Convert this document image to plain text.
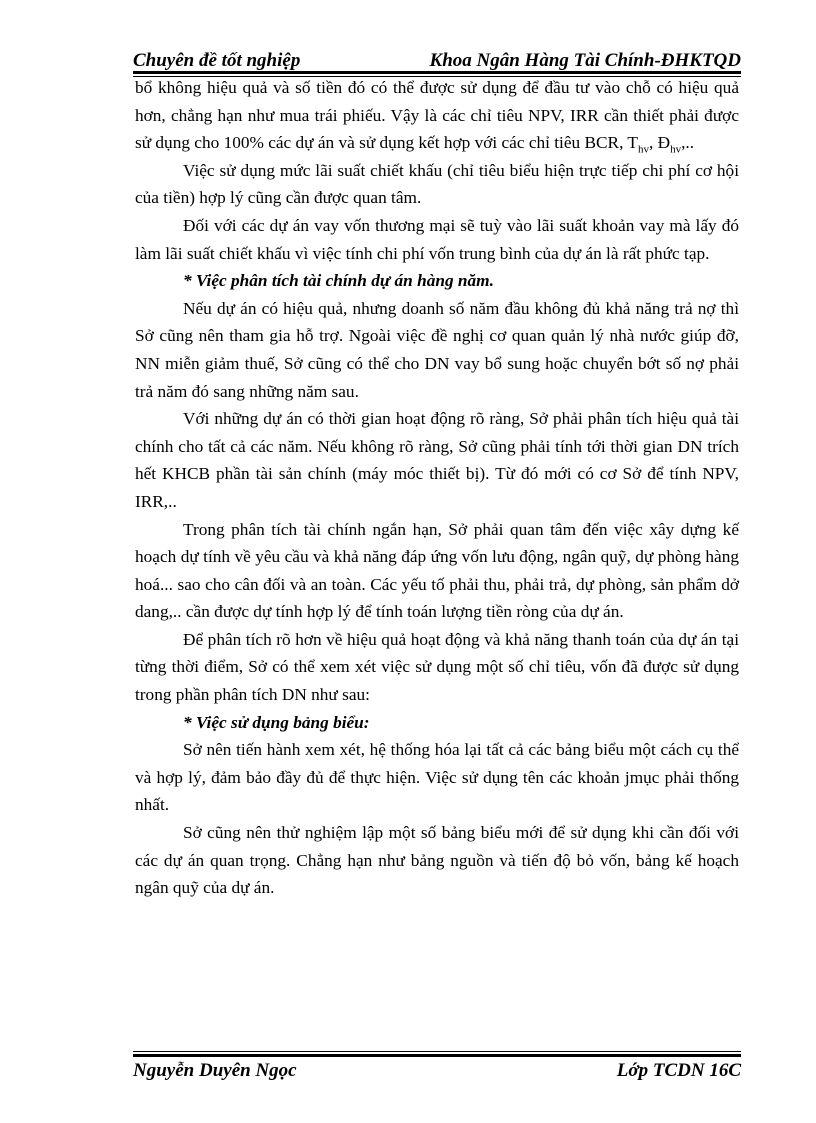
Chuyên đề tốt nghiệp	Khoa Ngân Hàng Tài Chính-ĐHKTQD

bổ không hiệu quả và số tiền đó có thể được sử dụng để đầu tư vào chỗ có hiệu quả hơn, chẳng hạn như mua trái phiếu. Vậy là các chỉ tiêu NPV, IRR cần thiết phải được sử dụng cho 100% các dự án và sử dụng kết hợp với các chỉ tiêu BCR, $T_{hv}$, $Đ_{hv}$,..

Việc sử dụng mức lãi suất chiết khấu (chỉ tiêu biểu hiện trực tiếp chi phí cơ hội của tiền) hợp lý cũng cần được quan tâm.

Đối với các dự án vay vốn thương mại sẽ tuỳ vào lãi suất khoản vay mà lấy đó làm lãi suất chiết khấu vì việc tính chi phí vốn trung bình của dự án là rất phức tạp.

* Việc phân tích tài chính dự án hàng năm.

Nếu dự án có hiệu quả, nhưng doanh số năm đầu không đủ khả năng trả nợ thì Sở cũng nên tham gia hỗ trợ. Ngoài việc đề nghị cơ quan quản lý nhà nước giúp đỡ, NN miễn giảm thuế, Sở cũng có thể cho DN vay bổ sung hoặc chuyển bớt số nợ phải trả năm đó sang những năm sau.

Với những dự án có thời gian hoạt động rõ ràng, Sở phải phân tích hiệu quả tài chính cho tất cả các năm. Nếu không rõ ràng, Sở cũng phải tính tới thời gian DN trích hết KHCB phần tài sản chính (máy móc thiết bị). Từ đó mới có cơ Sở để tính NPV, IRR,..

Trong phân tích tài chính ngắn hạn, Sở phải quan tâm đến việc xây dựng kế hoạch dự tính về yêu cầu và khả năng đáp ứng vốn lưu động, ngân quỹ, dự phòng hàng hoá... sao cho cân đối và an toàn. Các yếu tố phải thu, phải trả, dự phòng, sản phẩm dở dang,.. cần được dự tính hợp lý để tính toán lượng tiền ròng của dự án.

Để phân tích rõ hơn về hiệu quả hoạt động và khả năng thanh toán của dự án tại từng thời điểm, Sở có thể xem xét việc sử dụng một số chỉ tiêu, vốn đã được sử dụng trong phần phân tích DN như sau:

* Việc sử dụng bảng biểu:

Sở nên tiến hành xem xét, hệ thống hóa lại tất cả các bảng biểu một cách cụ thể và hợp lý, đảm bảo đầy đủ để thực hiện. Việc sử dụng tên các khoản jmục phải thống nhất.

Sở cũng nên thử nghiệm lập một số bảng biểu mới để sử dụng khi cần đối với các dự án quan trọng. Chẳng hạn như bảng nguồn và tiến độ bỏ vốn, bảng kế hoạch ngân quỹ của dự án.

Nguyễn Duyên Ngọc	Lớp TCDN 16C
